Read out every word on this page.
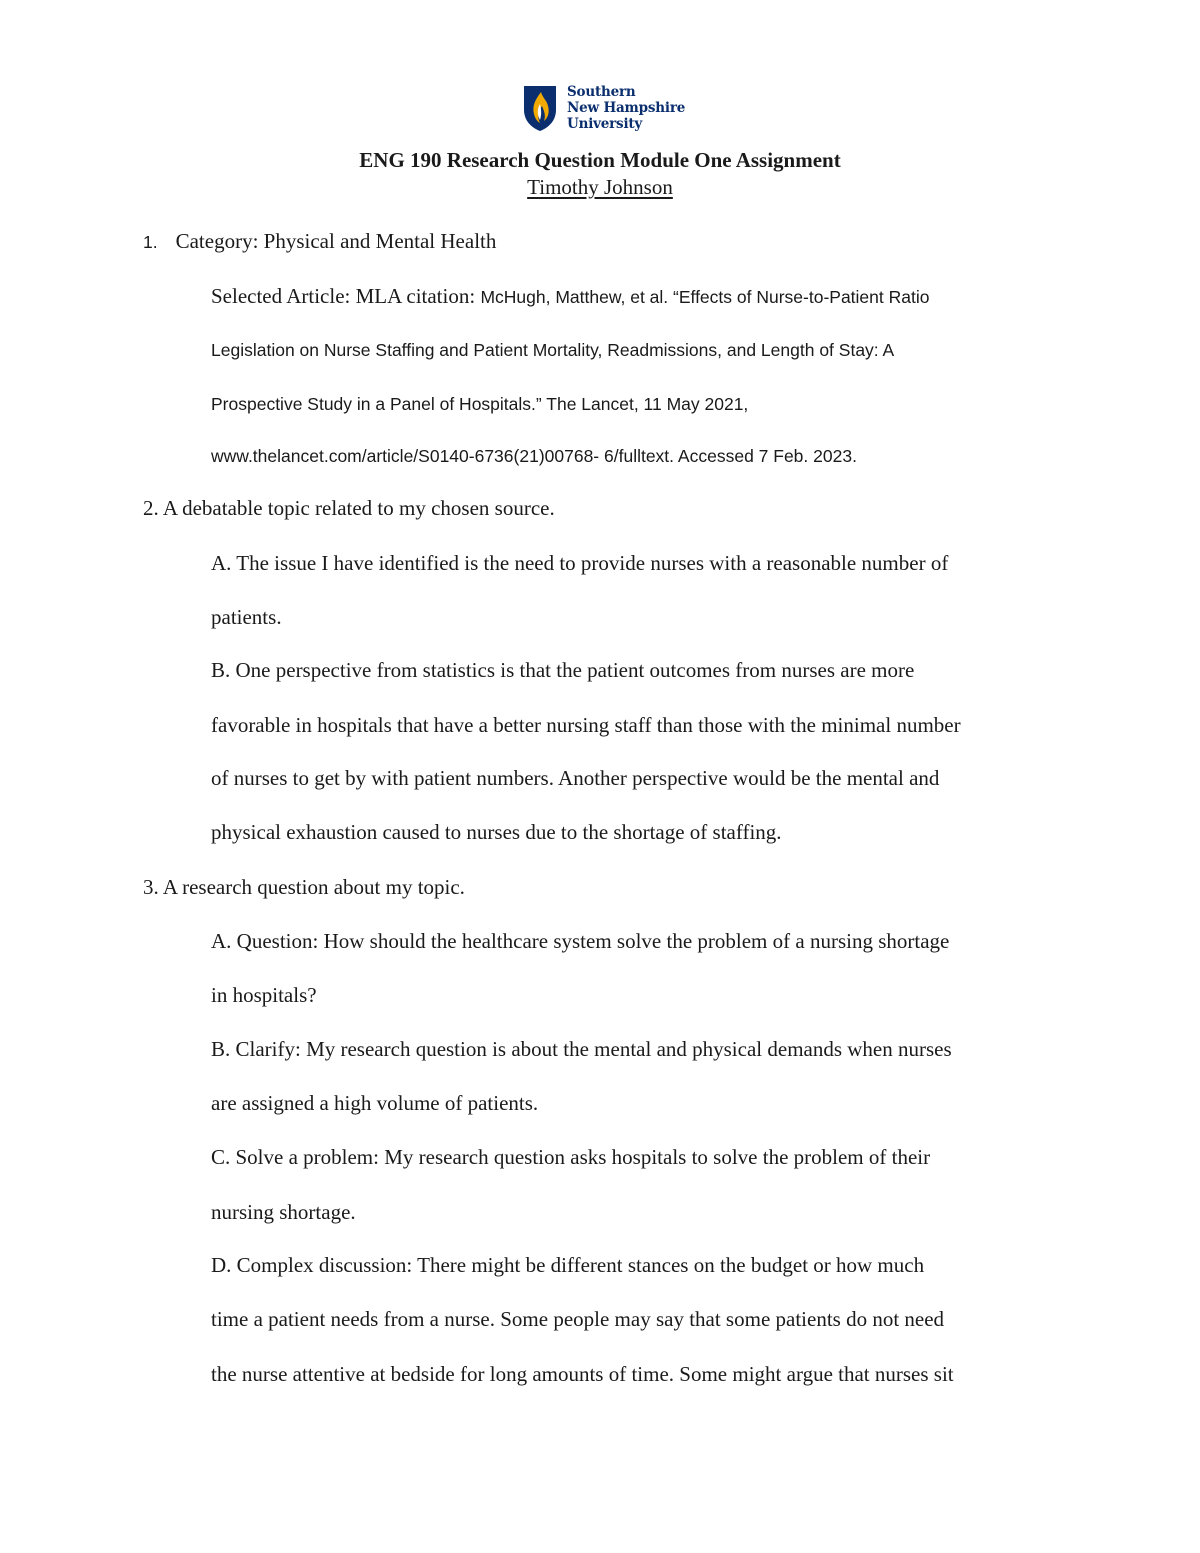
Southern
New Hampshire
University
ENG 190 Research Question Module One Assignment
Timothy Johnson
1. Category: Physical and Mental Health
Selected Article: MLA citation: McHugh, Matthew, et al. “Effects of Nurse-to-Patient Ratio
Legislation on Nurse Staffing and Patient Mortality, Readmissions, and Length of Stay: A
Prospective Study in a Panel of Hospitals.” The Lancet, 11 May 2021,
www.thelancet.com/article/S0140-6736(21)00768- 6/fulltext. Accessed 7 Feb. 2023.
2. A debatable topic related to my chosen source.
A. The issue I have identified is the need to provide nurses with a reasonable number of
patients.
B. One perspective from statistics is that the patient outcomes from nurses are more
favorable in hospitals that have a better nursing staff than those with the minimal number
of nurses to get by with patient numbers. Another perspective would be the mental and
physical exhaustion caused to nurses due to the shortage of staffing.
3. A research question about my topic.
A. Question: How should the healthcare system solve the problem of a nursing shortage
in hospitals?
B. Clarify: My research question is about the mental and physical demands when nurses
are assigned a high volume of patients.
C. Solve a problem: My research question asks hospitals to solve the problem of their
nursing shortage.
D. Complex discussion: There might be different stances on the budget or how much
time a patient needs from a nurse. Some people may say that some patients do not need
the nurse attentive at bedside for long amounts of time. Some might argue that nurses sit
